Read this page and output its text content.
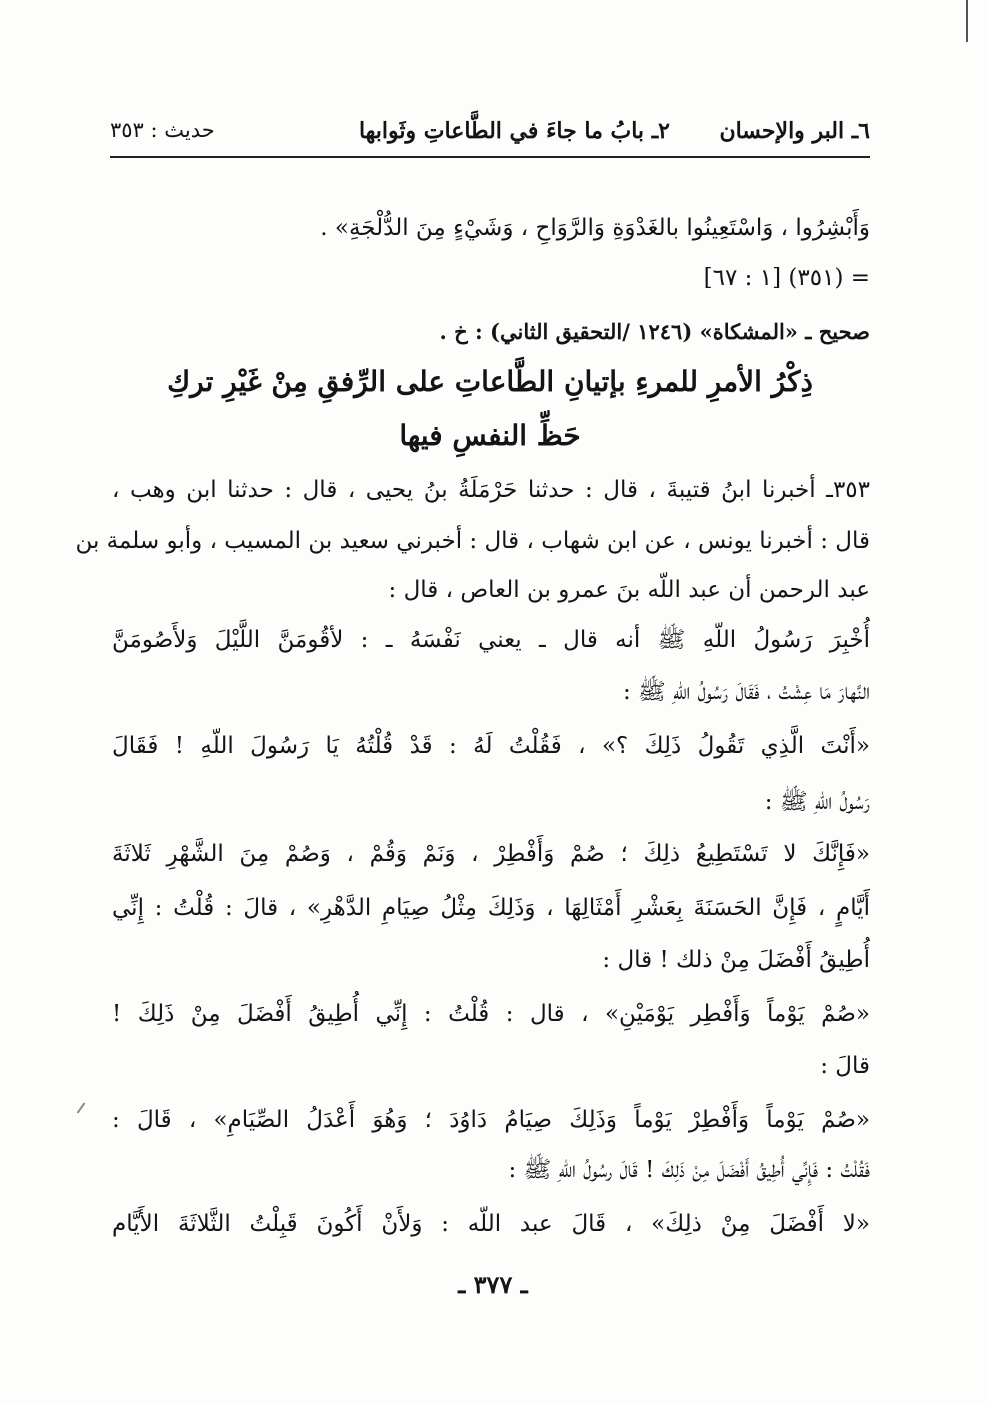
٦ـ البر والإحسان
٢ـ بابُ ما جاءَ في الطَّاعاتِ وثَوابها
حديث : ٣٥٣
وَأَبْشِرُوا ، وَاسْتَعِينُوا بالغَدْوَةِ وَالرَّوَاحِ ، وَشَيْءٍ مِنَ الدُّلْجَةِ» .
= (٣٥١) [١ : ٦٧]
صحيح ـ «المشكاة» (١٢٤٦ /التحقيق الثاني) : خ .
ذِكْرُ الأمرِ للمرءِ بإتيانِ الطَّاعاتِ على الرِّفقِ مِنْ غَيْرِ تركِ
حَظِّ النفسِ فيها
٣٥٣ـ أخبرنا ابنُ قتيبةَ ، قال : حدثنا حَرْمَلَةُ بنُ يحيى ، قال : حدثنا ابن وهب ،
قال : أخبرنا يونس ، عن ابن شهاب ، قال : أخبرني سعيد بن المسيب ، وأبو سلمة بن
عبد الرحمن أن عبد اللّه بنَ عمرو بن العاص ، قال :
أُخْبِرَ رَسُولُ اللّهِ ﷺ أنه قال ـ يعني نَفْسَهُ ـ : لأقُومَنَّ اللَّيْلَ وَلأَصُومَنَّ
النَّهارَ مَا عِشْتُ ، فَقَالَ رَسُولُ اللّهِ ﷺ :
«أَنْتَ الَّذِي تَقُولُ ذَلِكَ ؟» ، فَقُلْتُ لَهُ : قَدْ قُلْتُهُ يَا رَسُولَ اللّهِ ! فَقَالَ
رَسُولُ اللّهِ ﷺ :
«فَإِنَّكَ لا تَسْتَطِيعُ ذلِكَ ؛ صُمْ وَأَفْطِرْ ، وَنَمْ وَقُمْ ، وَصُمْ مِنَ الشَّهْرِ ثَلاثَةَ
أَيَّامٍ ، فَإِنَّ الحَسَنَةَ بِعَشْرِ أَمْثَالِهَا ، وَذَلِكَ مِثْلُ صِيَامِ الدَّهْرِ» ، قالَ : قُلْتُ : إِنِّي
أُطِيقُ أَفْضَلَ مِنْ ذلك ! قال :
«صُمْ يَوْماً وَأَفْطِر يَوْمَيْنِ» ، قال : قُلْتُ : إِنِّي أُطِيقُ أَفْضَلَ مِنْ ذَلِكَ !
قالَ :
«صُمْ يَوْماً وَأَفْطِرْ يَوْماً وَذَلِكَ صِيَامُ دَاوُدَ ؛ وَهُوَ أَعْدَلُ الصِّيَامِ» ، قَالَ :
فَقُلْتُ : فَإِنِّي أُطِيقُ أَفْضَلَ مِنْ ذَلِكَ ! قَالَ رسُولُ اللّهِ ﷺ :
«لا أَفْضَلَ مِنْ ذلِكَ» ، قَالَ عبد اللّه : وَلأَنْ أَكُونَ قَبِلْتُ الثَّلاثَةَ الأَيَّام
ـ ٣٧٧ ـ
